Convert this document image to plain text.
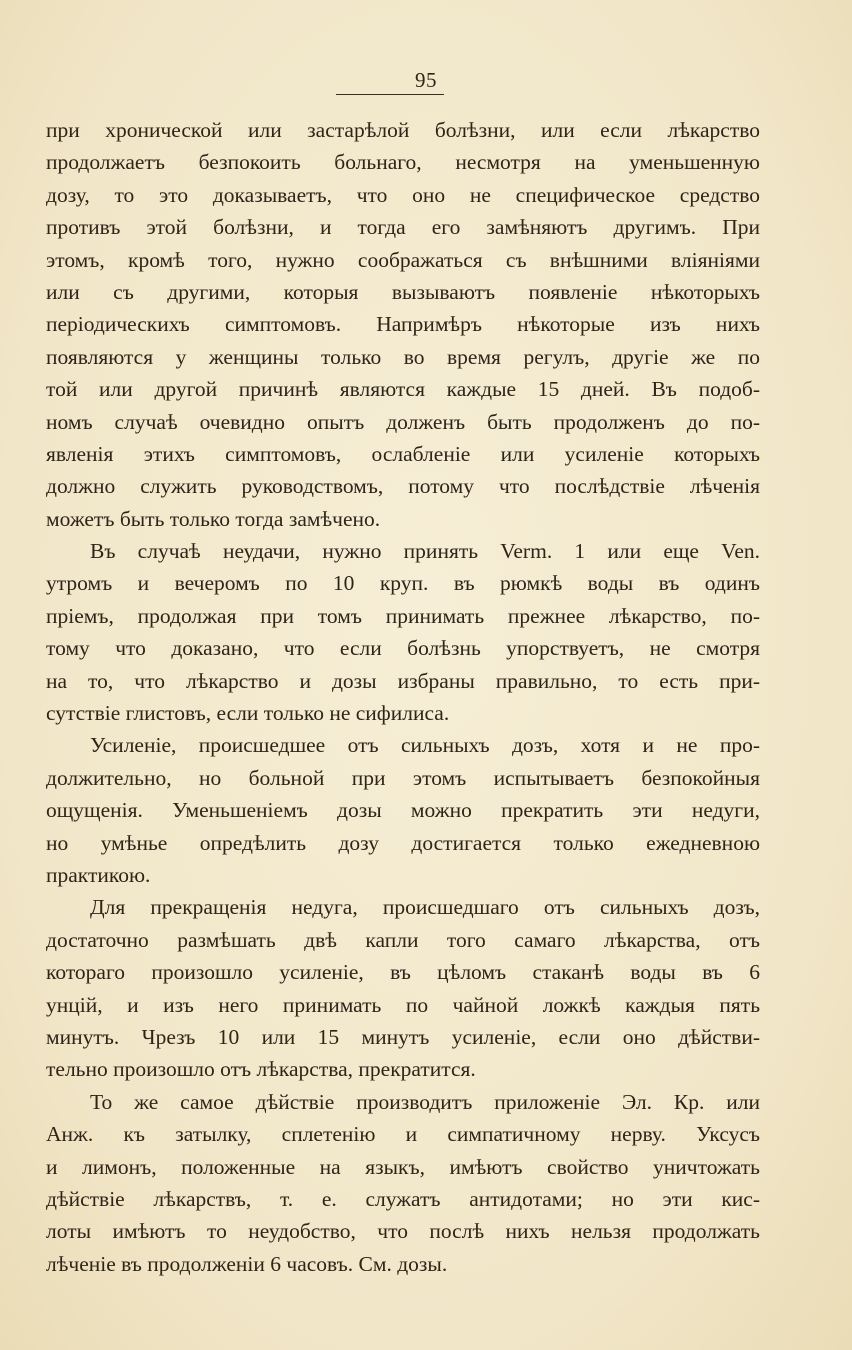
95
при хронической или застарѣлой болѣзни, или если лѣкарство
продолжаетъ безпокоить больнаго, несмотря на уменьшенную
дозу, то это доказываетъ, что оно не специфическое средство
противъ этой болѣзни, и тогда его замѣняютъ другимъ. При
этомъ, кромѣ того, нужно соображаться съ внѣшними вліяніями
или съ другими, которыя вызываютъ появленіе нѣкоторыхъ
періодическихъ симптомовъ. Напримѣръ нѣкоторые изъ нихъ
появляются у женщины только во время регулъ, другіе же по
той или другой причинѣ являются каждые 15 дней. Въ подоб-
номъ случаѣ очевидно опытъ долженъ быть продолженъ до по-
явленія этихъ симптомовъ, ослабленіе или усиленіе которыхъ
должно служить руководствомъ, потому что послѣдствіе лѣченія
можетъ быть только тогда замѣчено.
Въ случаѣ неудачи, нужно принять Verm. 1 или еще Ven.
утромъ и вечеромъ по 10 круп. въ рюмкѣ воды въ одинъ
пріемъ, продолжая при томъ принимать прежнее лѣкарство, по-
тому что доказано, что если болѣзнь упорствуетъ, не смотря
на то, что лѣкарство и дозы избраны правильно, то есть при-
сутствіе глистовъ, если только не сифилиса.
Усиленіе, происшедшее отъ сильныхъ дозъ, хотя и не про-
должительно, но больной при этомъ испытываетъ безпокойныя
ощущенія. Уменьшеніемъ дозы можно прекратить эти недуги,
но умѣнье опредѣлить дозу достигается только ежедневною
практикою.
Для прекращенія недуга, происшедшаго отъ сильныхъ дозъ,
достаточно размѣшать двѣ капли того самаго лѣкарства, отъ
котораго произошло усиленіе, въ цѣломъ стаканѣ воды въ 6
унцій, и изъ него принимать по чайной ложкѣ каждыя пять
минутъ. Чрезъ 10 или 15 минутъ усиленіе, если оно дѣйстви-
тельно произошло отъ лѣкарства, прекратится.
То же самое дѣйствіе производитъ приложеніе Эл. Кр. или
Анж. къ затылку, сплетенію и симпатичному нерву. Уксусъ
и лимонъ, положенные на языкъ, имѣютъ свойство уничтожать
дѣйствіе лѣкарствъ, т. е. служатъ антидотами; но эти кис-
лоты имѣютъ то неудобство, что послѣ нихъ нельзя продолжать
лѣченіе въ продолженіи 6 часовъ. См. дозы.
